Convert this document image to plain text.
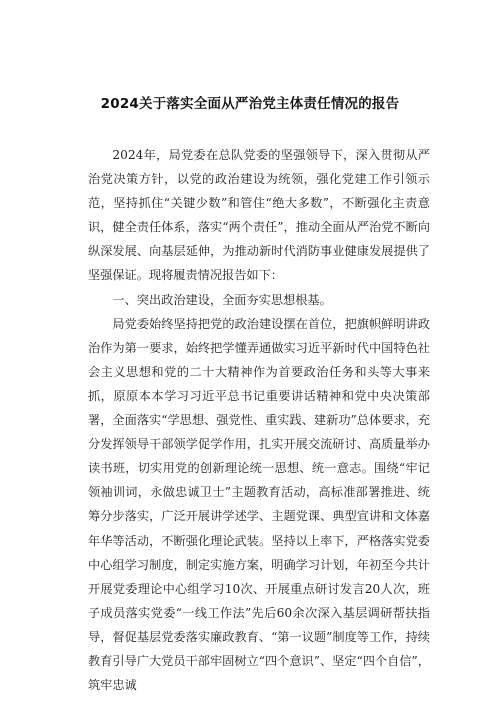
2024关于落实全面从严治党主体责任情况的报告

2024年，局党委在总队党委的坚强领导下，深入贯彻从严治党决策方针，以党的政治建设为统领，强化党建工作引领示范，坚持抓住“关键少数”和管住“绝大多数”，不断强化主责意识，健全责任体系，落实“两个责任”，推动全面从严治党不断向纵深发展、向基层延伸，为推动新时代消防事业健康发展提供了坚强保证。现将履责情况报告如下：

一、突出政治建设，全面夯实思想根基。

局党委始终坚持把党的政治建设摆在首位，把旗帜鲜明讲政治作为第一要求，始终把学懂弄通做实习近平新时代中国特色社会主义思想和党的二十大精神作为首要政治任务和头等大事来抓，原原本本学习习近平总书记重要讲话精神和党中央决策部署，全面落实“学思想、强党性、重实践、建新功”总体要求，充分发挥领导干部领学促学作用，扎实开展交流研讨、高质量举办读书班，切实用党的创新理论统一思想、统一意志。围绕“牢记领袖训词，永做忠诚卫士”主题教育活动，高标准部署推进、统筹分步落实，广泛开展讲学述学、主题党课、典型宣讲和文体嘉年华等活动，不断强化理论武装。坚持以上率下，严格落实党委中心组学习制度，制定实施方案，明确学习计划，年初至今共计开展党委理论中心组学习10次、开展重点研讨发言20人次，班子成员落实党委“一线工作法”先后60余次深入基层调研帮扶指导，督促基层党委落实廉政教育、“第一议题”制度等工作，持续教育引导广大党员干部牢固树立“四个意识”、坚定“四个自信”，筑牢忠诚
